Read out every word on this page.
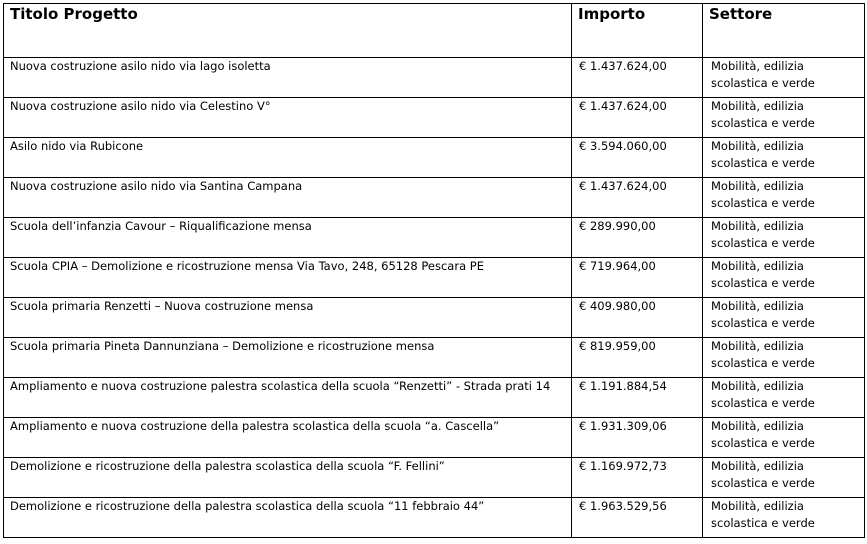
Titolo Progetto	Importo	Settore
Nuova costruzione asilo nido via lago isoletta	€ 1.437.624,00	Mobilità, edilizia
scolastica e verde

Nuova costruzione asilo nido via Celestino V°	€ 1.437.624,00	Mobilità, edilizia
scolastica e verde

Asilo nido via Rubicone	€ 3.594.060,00	Mobilità, edilizia
scolastica e verde

Nuova costruzione asilo nido via Santina Campana	€ 1.437.624,00	Mobilità, edilizia
scolastica e verde

Scuola dell’infanzia Cavour – Riqualificazione mensa	€ 289.990,00	Mobilità, edilizia
scolastica e verde

Scuola CPIA – Demolizione e ricostruzione mensa Via Tavo, 248, 65128 Pescara PE	€ 719.964,00	Mobilità, edilizia
scolastica e verde

Scuola primaria Renzetti – Nuova costruzione mensa	€ 409.980,00	Mobilità, edilizia
scolastica e verde

Scuola primaria Pineta Dannunziana – Demolizione e ricostruzione mensa	€ 819.959,00	Mobilità, edilizia
scolastica e verde

Ampliamento e nuova costruzione palestra scolastica della scuola “Renzetti” - Strada prati 14	€ 1.191.884,54	Mobilità, edilizia
scolastica e verde

Ampliamento e nuova costruzione della palestra scolastica della scuola “a. Cascella”	€ 1.931.309,06	Mobilità, edilizia
scolastica e verde

Demolizione e ricostruzione della palestra scolastica della scuola “F. Fellini”	€ 1.169.972,73	Mobilità, edilizia
scolastica e verde

Demolizione e ricostruzione della palestra scolastica della scuola “11 febbraio 44”	€ 1.963.529,56	Mobilità, edilizia
scolastica e verde
